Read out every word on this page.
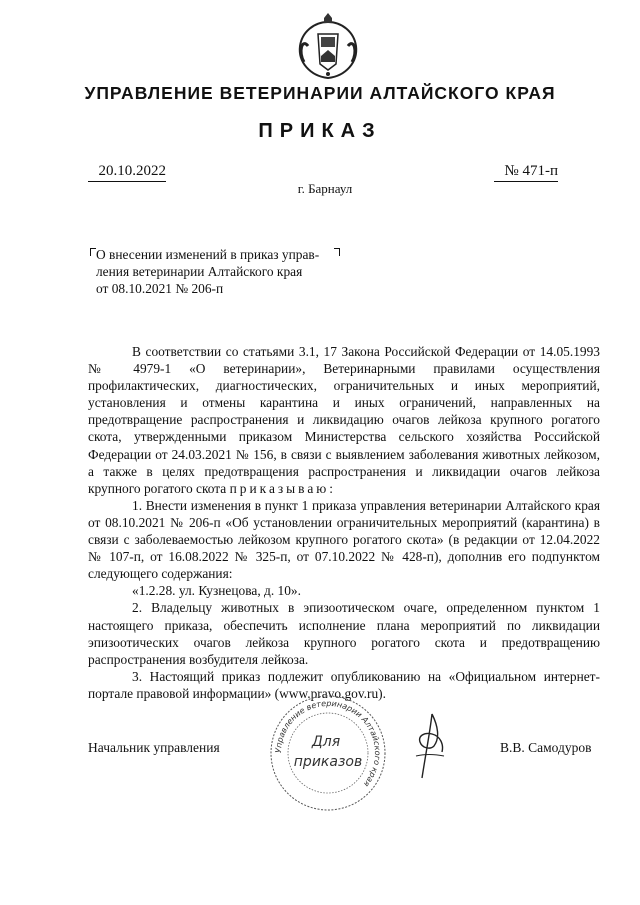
УПРАВЛЕНИЕ ВЕТЕРИНАРИИ АЛТАЙСКОГО КРАЯ
ПРИКАЗ
20.10.2022	№ 471-п
г. Барнаул
О внесении изменений в приказ управ-
ления ветеринарии Алтайского края
от 08.10.2021 № 206-п

В соответствии со статьями 3.1, 17 Закона Российской Федерации от 14.05.1993 № 4979-1 «О ветеринарии», Ветеринарными правилами осуществления профилактических, диагностических, ограничительных и иных мероприятий, установления и отмены карантина и иных ограничений, направленных на предотвращение распространения и ликвидацию очагов лейкоза крупного рогатого скота, утвержденными приказом Министерства сельского хозяйства Российской Федерации от 24.03.2021 № 156, в связи с выявлением заболевания животных лейкозом, а также в целях предотвращения распространения и ликвидации очагов лейкоза крупного рогатого скота приказываю:

1. Внести изменения в пункт 1 приказа управления ветеринарии Алтайского края от 08.10.2021 № 206-п «Об установлении ограничительных мероприятий (карантина) в связи с заболеваемостью лейкозом крупного рогатого скота» (в редакции от 12.04.2022 № 107-п, от 16.08.2022 № 325-п, от 07.10.2022 № 428-п), дополнив его подпунктом следующего содержания:

«1.2.28. ул. Кузнецова, д. 10».

2. Владельцу животных в эпизоотическом очаге, определенном пунктом 1 настоящего приказа, обеспечить исполнение плана мероприятий по ликвидации эпизоотических очагов лейкоза крупного рогатого скота и предотвращению распространения возбудителя лейкоза.

3. Настоящий приказ подлежит опубликованию на «Официальном интернет-портале правовой информации» (www.pravo.gov.ru).

Начальник управления	Управление ветеринарии Алтайского края
Для
приказов
В.В. Самодуров
